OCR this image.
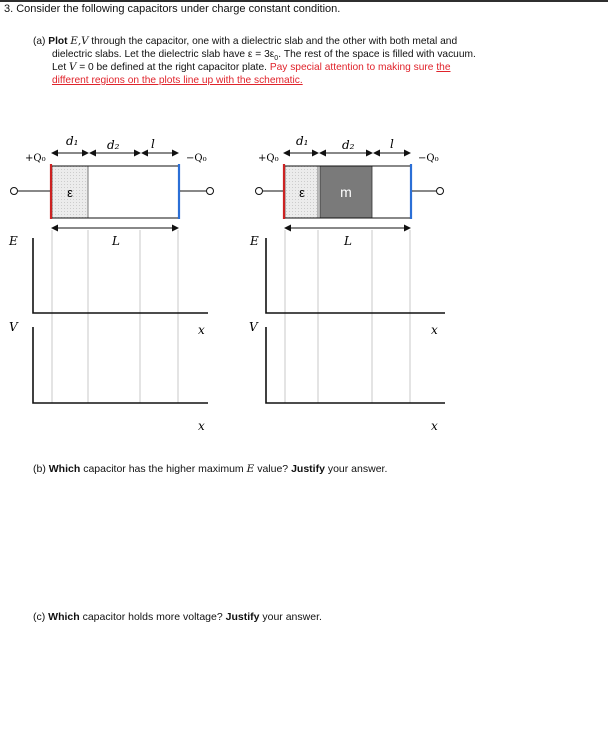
3. Consider the following capacitors under charge constant condition.
(a) Plot E,V through the capacitor, one with a dielectric slab and the other with both metal and
dielectric slabs. Let the dielectric slab have $\varepsilon = 3\varepsilon_0$. The rest of the space is filled with vacuum.
Let V = 0 be defined at the right capacitor plate. Pay special attention to making sure the
different regions on the plots line up with the schematic.
d₁ d₂	l
+Q₀	−Q₀
ε
L
E
x
V
x
d₁	d₂	l
+Q₀	−Q₀
ε	m
L
E
x
V
x
(b) Which capacitor has the higher maximum E value? Justify your answer.
(c) Which capacitor holds more voltage? Justify your answer.
